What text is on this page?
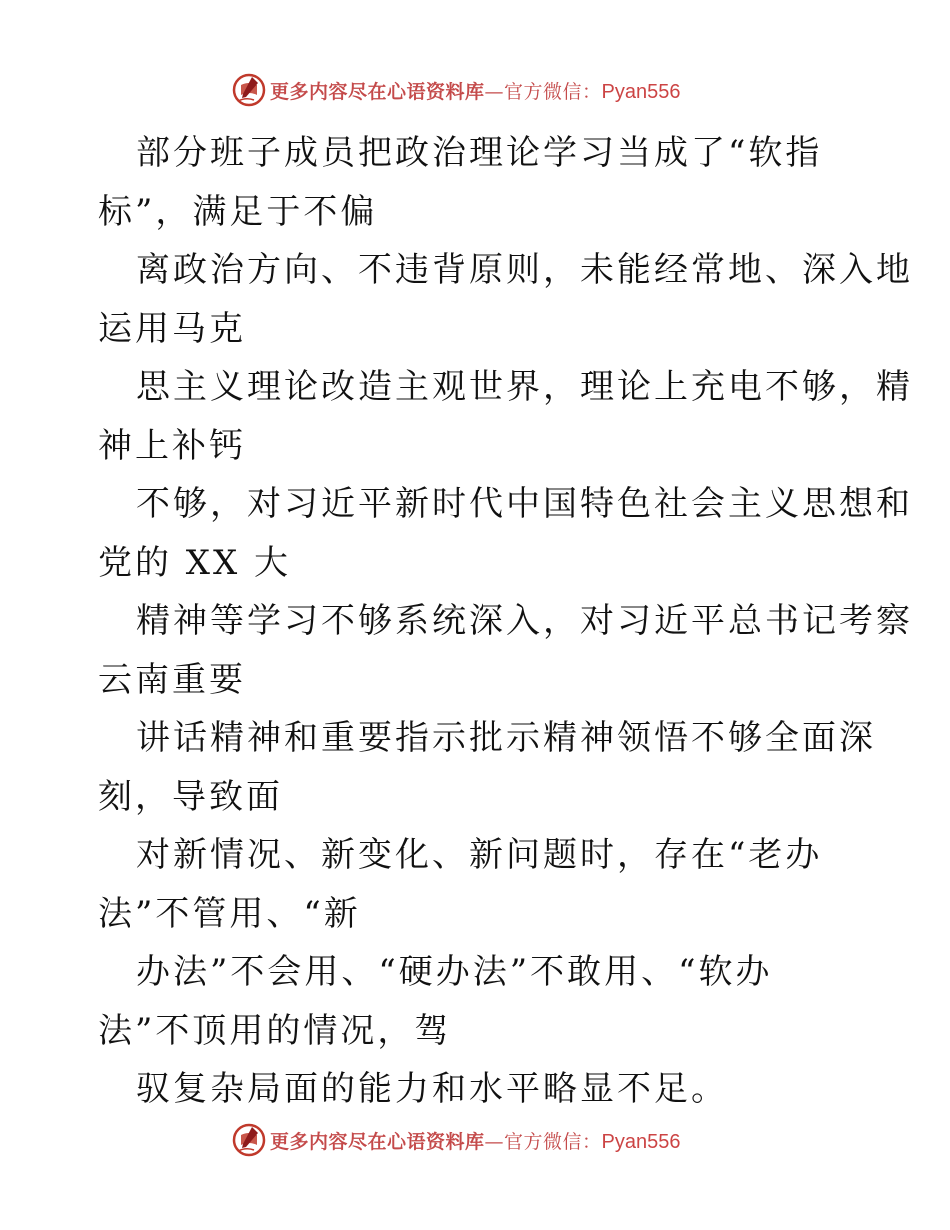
更多内容尽在心语资料库—官方微信：Pyan556
部分班子成员把政治理论学习当成了“软指
标”，满足于不偏
离政治方向、不违背原则，未能经常地、深入地
运用马克
思主义理论改造主观世界，理论上充电不够，精
神上补钙
不够，对习近平新时代中国特色社会主义思想和
党的 XX 大
精神等学习不够系统深入，对习近平总书记考察
云南重要
讲话精神和重要指示批示精神领悟不够全面深
刻，导致面
对新情况、新变化、新问题时，存在“老办
法”不管用、“新
办法”不会用、“硬办法”不敢用、“软办
法”不顶用的情况，驾
驭复杂局面的能力和水平略显不足。
更多内容尽在心语资料库—官方微信：Pyan556
